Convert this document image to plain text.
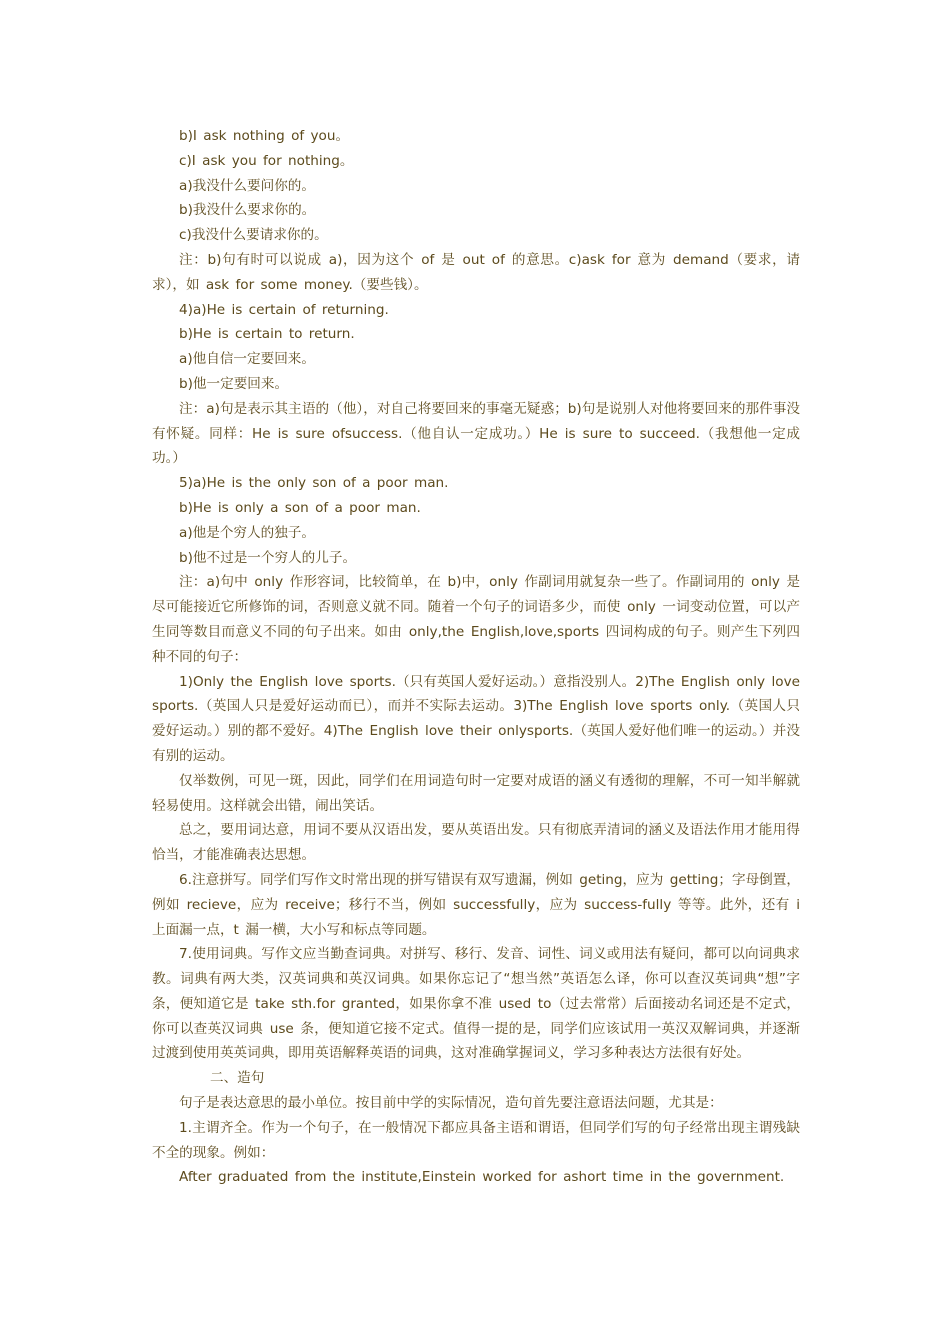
b)I ask nothing of you。

c)I ask you for nothing。

a)我没什么要问你的。

b)我没什么要求你的。

c)我没什么要请求你的。

注：b)句有时可以说成 a)，因为这个 of 是 out of 的意思。c)ask for 意为 demand（要求，请求），如 ask for some money.（要些钱）。

4)a)He is certain of returning.

b)He is certain to return.

a)他自信一定要回来。

b)他一定要回来。

注：a)句是表示其主语的（他），对自己将要回来的事毫无疑惑；b)句是说别人对他将要回来的那件事没有怀疑。同样：He is sure ofsuccess.（他自认一定成功。）He is sure to succeed.（我想他一定成功。）

5)a)He is the only son of a poor man.

b)He is only a son of a poor man.

a)他是个穷人的独子。

b)他不过是一个穷人的儿子。

注：a)句中 only 作形容词，比较简单，在 b)中，only 作副词用就复杂一些了。作副词用的 only 是尽可能接近它所修饰的词，否则意义就不同。随着一个句子的词语多少，而使 only 一词变动位置，可以产生同等数目而意义不同的句子出来。如由 only,the English,love,sports 四词构成的句子。则产生下列四种不同的句子：

1)Only the English love sports.（只有英国人爱好运动。）意指没别人。2)The English only love sports.（英国人只是爱好运动而已），而并不实际去运动。3)The English love sports only.（英国人只爱好运动。）别的都不爱好。4)The English love their onlysports.（英国人爱好他们唯一的运动。）并没有别的运动。

仅举数例，可见一斑，因此，同学们在用词造句时一定要对成语的涵义有透彻的理解，不可一知半解就轻易使用。这样就会出错，闹出笑话。

总之，要用词达意，用词不要从汉语出发，要从英语出发。只有彻底弄清词的涵义及语法作用才能用得恰当，才能准确表达思想。

6.注意拼写。同学们写作文时常出现的拼写错误有双写遗漏，例如 geting，应为 getting；字母倒置，例如 recieve，应为 receive；移行不当，例如 successfully，应为 success-fully 等等。此外，还有 i 上面漏一点，t 漏一横，大小写和标点等同题。

7.使用词典。写作文应当勤查词典。对拼写、移行、发音、词性、词义或用法有疑问，都可以向词典求教。词典有两大类，汉英词典和英汉词典。如果你忘记了“想当然”英语怎么译，你可以查汉英词典“想”字条，便知道它是 take sth.for granted，如果你拿不准 used to（过去常常）后面接动名词还是不定式，你可以查英汉词典 use 条，便知道它接不定式。值得一提的是，同学们应该试用一英汉双解词典，并逐渐过渡到使用英英词典，即用英语解释英语的词典，这对准确掌握词义，学习多种表达方法很有好处。

二、造句

句子是表达意思的最小单位。按目前中学的实际情况，造句首先要注意语法问题，尤其是：

1.主谓齐全。作为一个句子，在一般情况下都应具备主语和谓语，但同学们写的句子经常出现主谓残缺不全的现象。例如：

After graduated from the institute,Einstein worked for ashort time in the government.
